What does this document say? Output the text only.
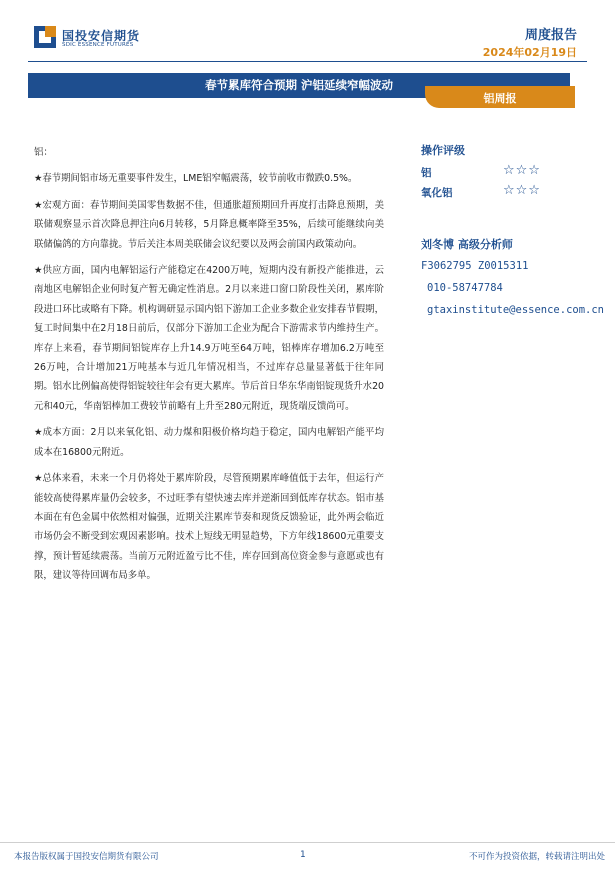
国投安信期货
SDIC ESSENCE FUTURES
周度报告
2024年02月19日
春节累库符合预期 沪铝延续窄幅波动
铝周报

铝：

★春节期间铝市场无重要事件发生，LME铝窄幅震荡，较节前收市微跌0.5%。

★宏观方面：春节期间美国零售数据不佳，但通胀超预期回升再度打击降息预期，美联储观察显示首次降息押注向6月转移，5月降息概率降至35%，后续可能继续向美联储偏鸽的方向靠拢。节后关注本周美联储会议纪要以及两会前国内政策动向。

★供应方面，国内电解铝运行产能稳定在4200万吨，短期内没有新投产能推进，云南地区电解铝企业何时复产暂无确定性消息。2月以来进口窗口阶段性关闭，累库阶段进口环比或略有下降。机构调研显示国内铝下游加工企业多数企业安排春节假期，复工时间集中在2月18日前后，仅部分下游加工企业为配合下游需求节内维持生产。库存上来看，春节期间铝锭库存上升14.9万吨至64万吨，铝棒库存增加6.2万吨至26万吨，合计增加21万吨基本与近几年情况相当，不过库存总量显著低于往年同期。铝水比例偏高使得铝锭较往年会有更大累库。节后首日华东华南铝锭现货升水20元和40元，华南铝棒加工费较节前略有上升至280元附近，现货端反馈尚可。

★成本方面：2月以来氧化铝、动力煤和阳极价格均趋于稳定，国内电解铝产能平均成本在16800元附近。

★总体来看，未来一个月仍将处于累库阶段，尽管预期累库峰值低于去年，但运行产能较高使得累库量仍会较多，不过旺季有望快速去库并逆渐回到低库存状态。铝市基本面在有色金属中依然相对偏强，近期关注累库节奏和现货反馈验证，此外两会临近市场仍会不断受到宏观因素影响。技术上短线无明显趋势，下方年线18600元重要支撑，预计暂延续震荡。当前万元附近盈亏比不佳，库存回到高位资金参与意愿或也有限，建议等待回调布局多单。

操作评级
铝	☆☆☆
氧化铝	☆☆☆
刘冬博 高级分析师
F3062795 Z0015311
010-58747784
gtaxinstitute@essence.com.cn
本报告版权属于国投安信期货有限公司	1	不可作为投资依据，转载请注明出处
